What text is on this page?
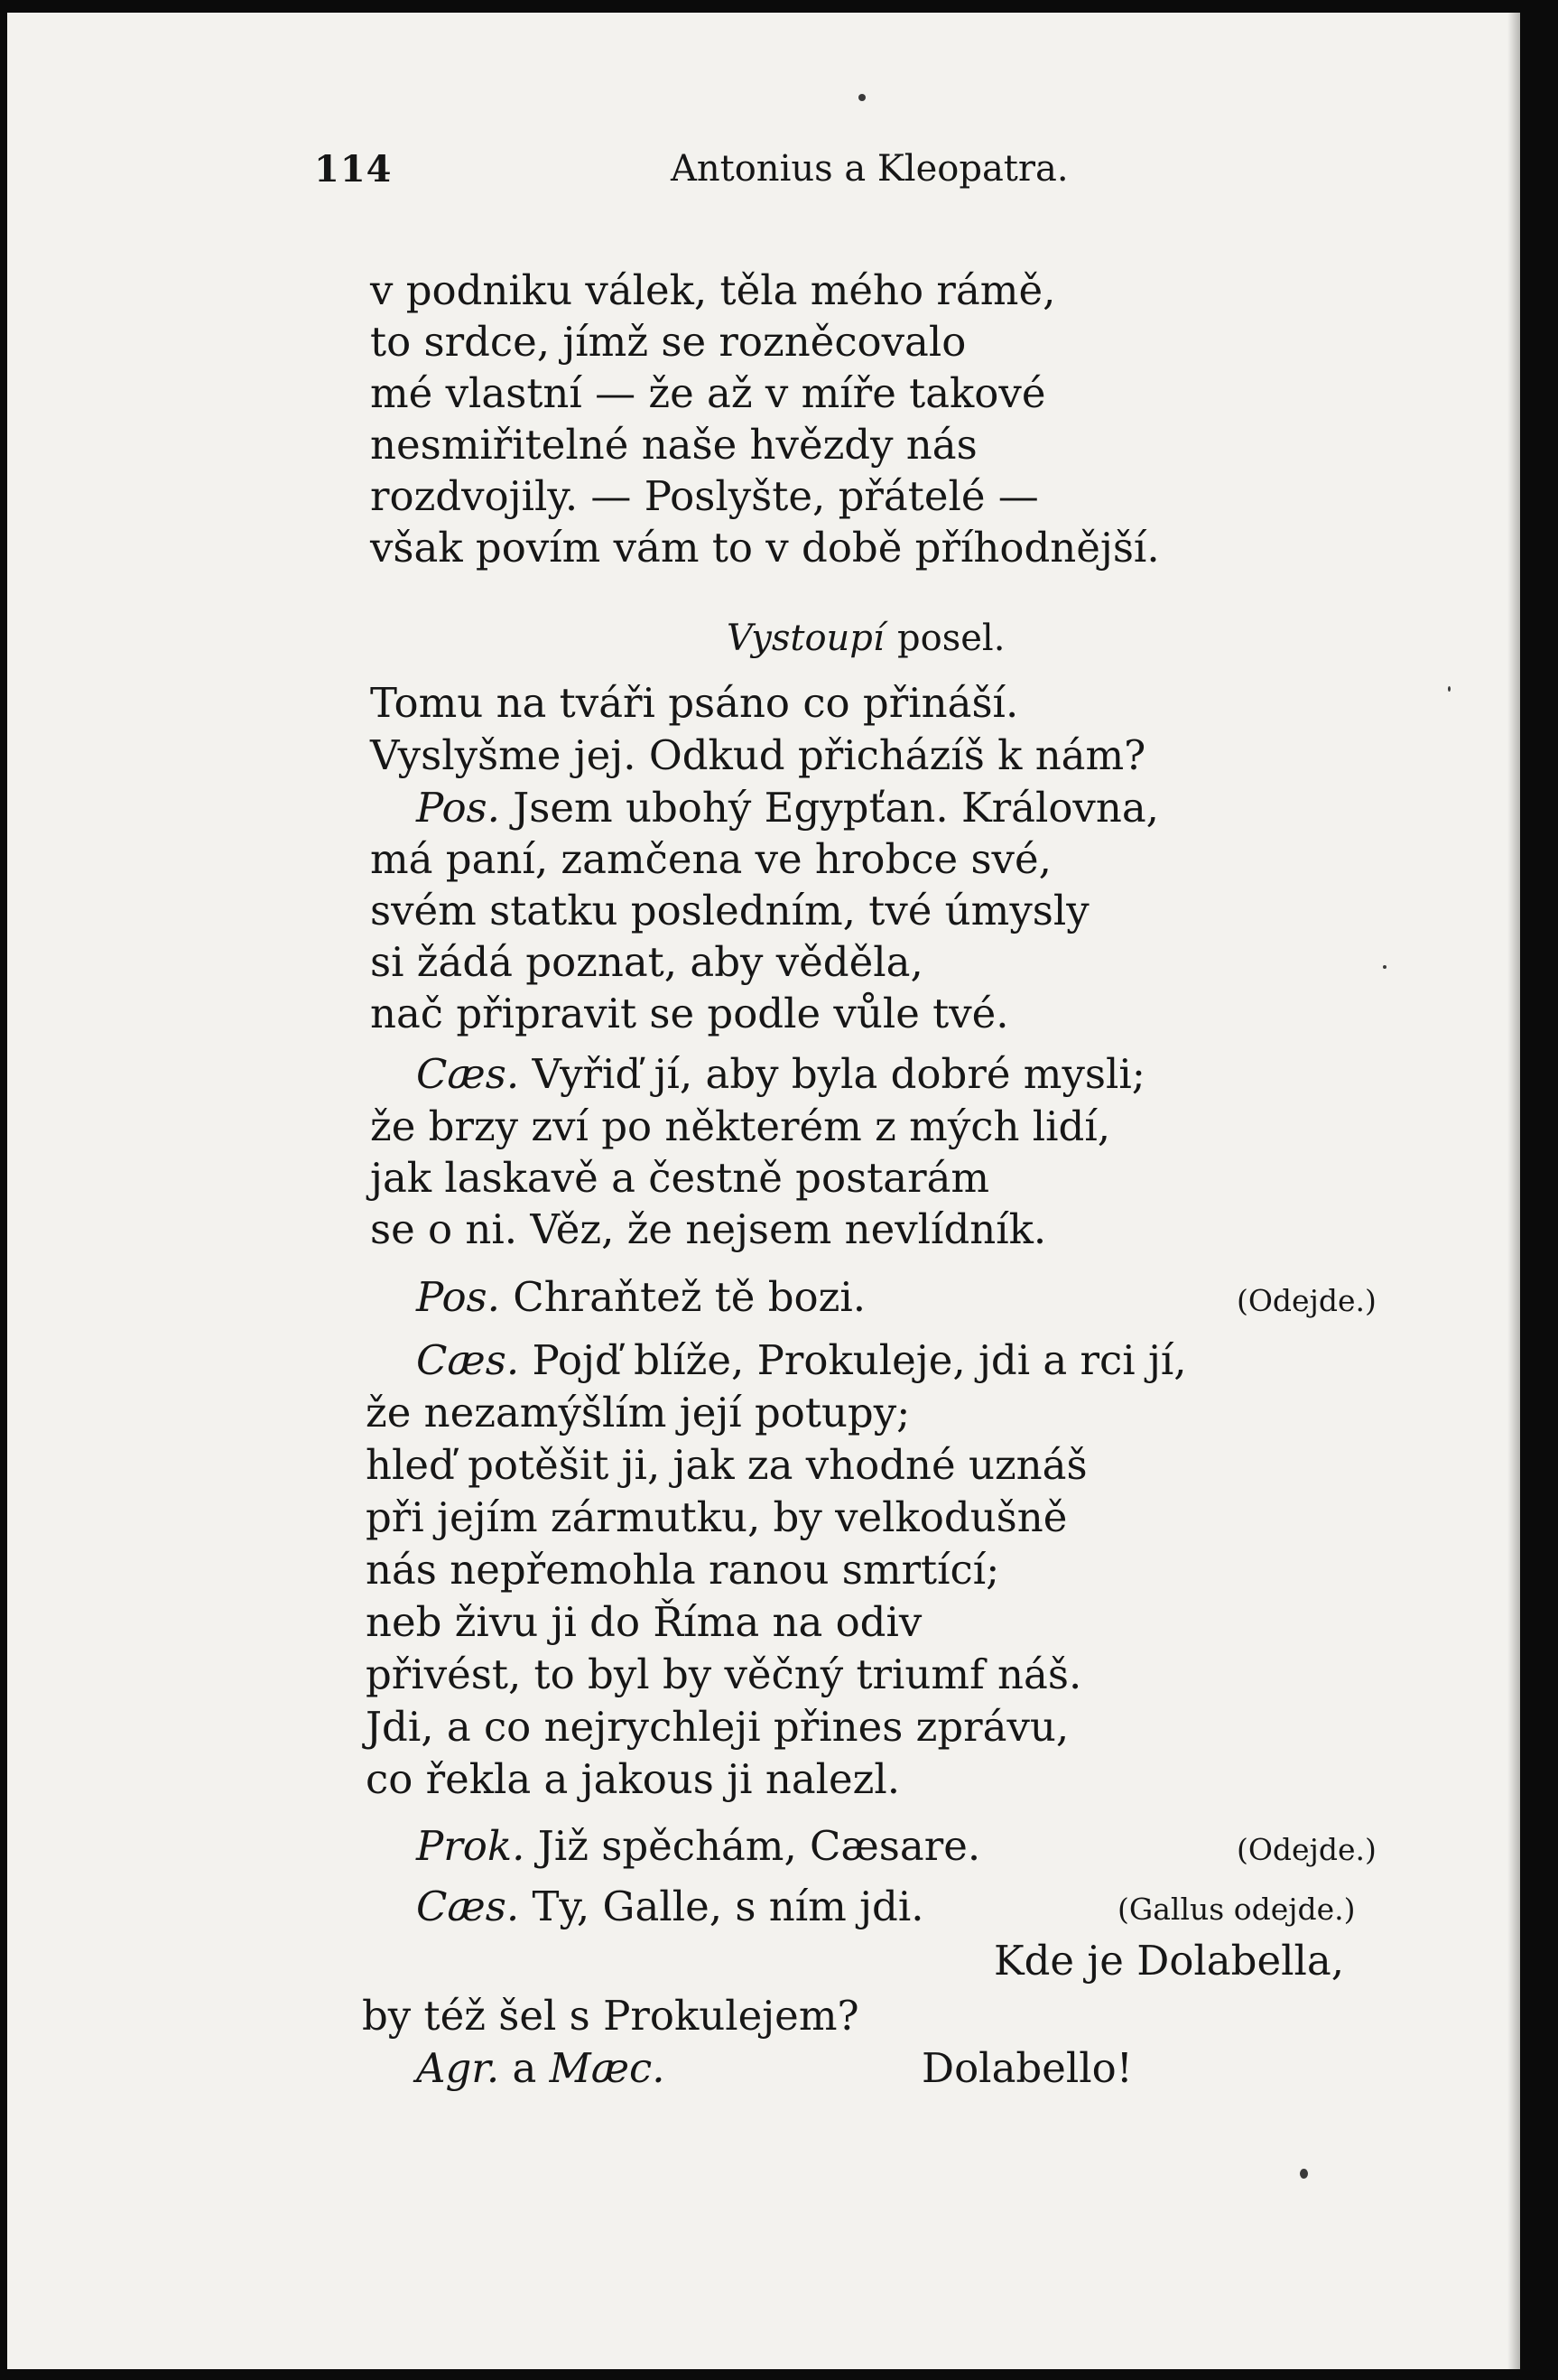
114	Antonius a Kleopatra.
v podniku válek, těla mého rámě,
to srdce, jímž se rozněcovalo
mé vlastní — že až v míře takové
nesmiřitelné naše hvězdy nás
rozdvojily. — Poslyšte, přátelé —
však povím vám to v době příhodnější.
Vystoupí posel.
Tomu na tváři psáno co přináší.
Vyslyšme jej. Odkud přicházíš k nám?
Pos. Jsem ubohý Egypťan. Královna,
má paní, zamčena ve hrobce své,
svém statku posledním, tvé úmysly
si žádá poznat, aby věděla,
nač připravit se podle vůle tvé.
Cæs. Vyřiď jí, aby byla dobré mysli;
že brzy zví po některém z mých lidí,
jak laskavě a čestně postarám
se o ni. Věz, že nejsem nevlídník.
Pos. Chraňtež tě bozi.	(Odejde.)
Cæs. Pojď blíže, Prokuleje, jdi a rci jí,
že nezamýšlím její potupy;
hleď potěšit ji, jak za vhodné uznáš
při jejím zármutku, by velkodušně
nás nepřemohla ranou smrtící;
neb živu ji do Říma na odiv
přivést, to byl by věčný triumf náš.
Jdi, a co nejrychleji přines zprávu,
co řekla a jakous ji nalezl.
Prok. Již spěchám, Cæsare.	(Odejde.)
Cæs. Ty, Galle, s ním jdi.	(Gallus odejde.)
Kde je Dolabella,
by též šel s Prokulejem?
Agr. a Mæc.	Dolabello!
